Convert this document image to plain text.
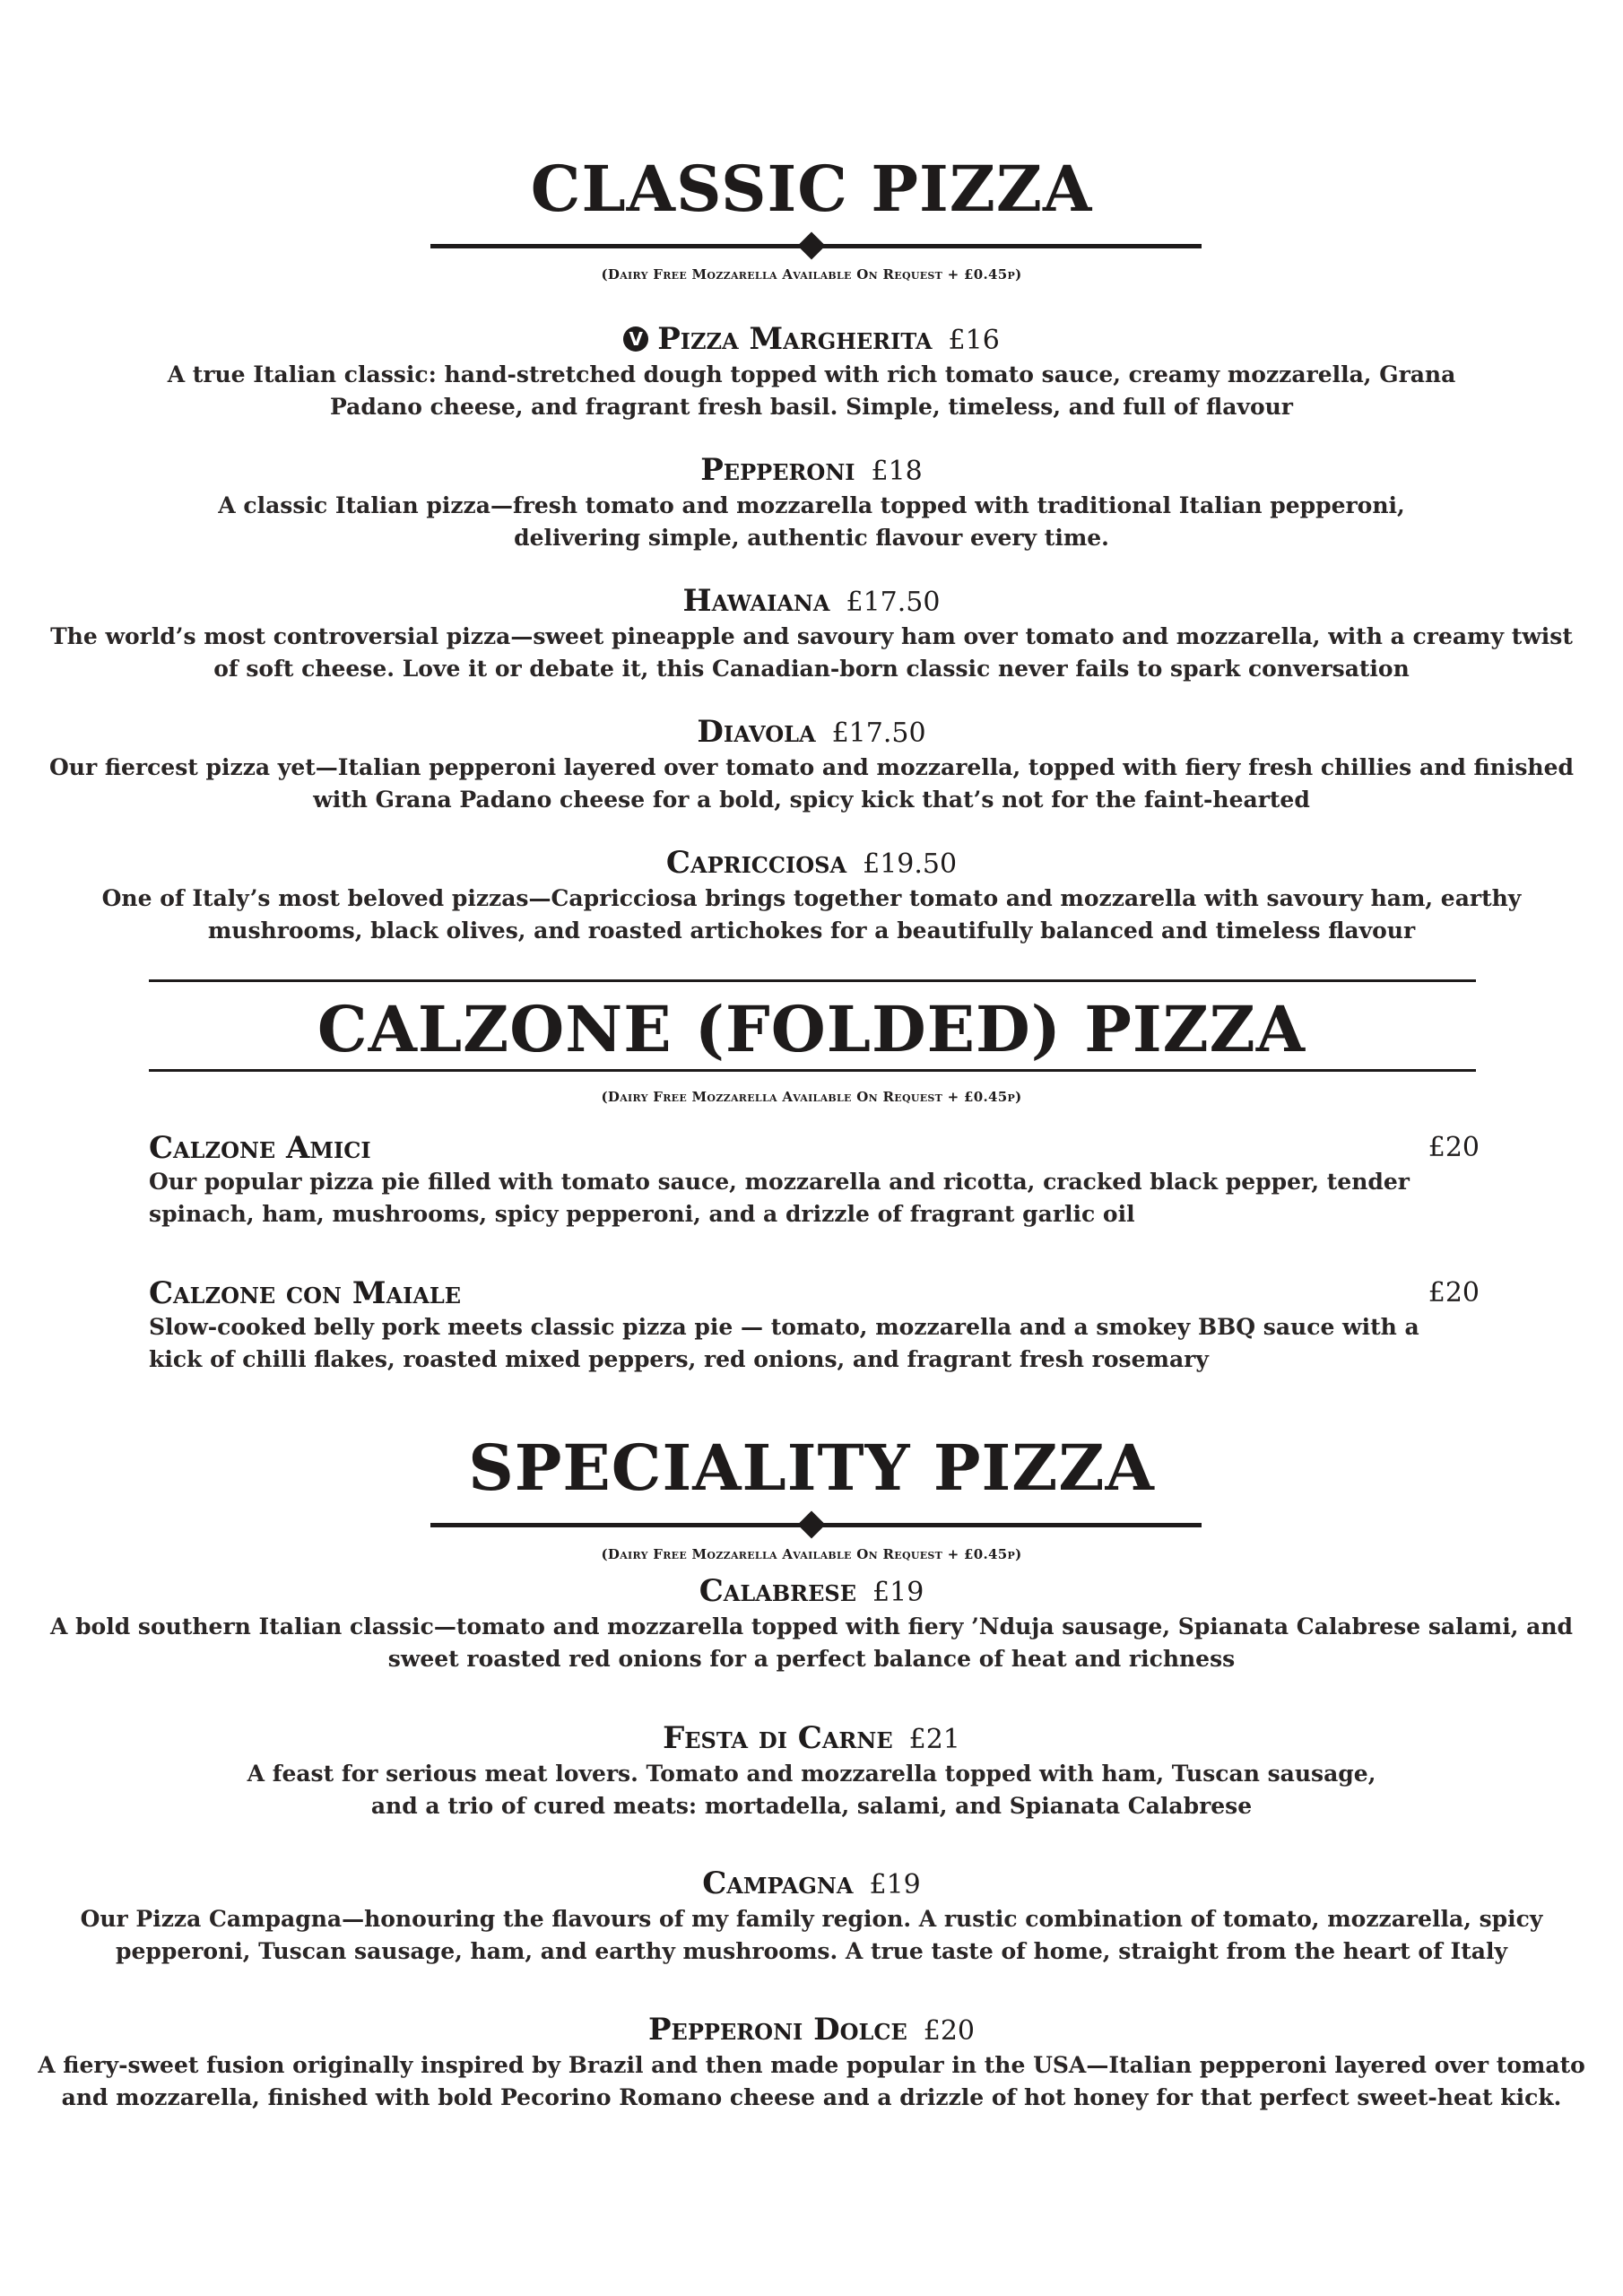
CLASSIC PIZZA
(Dairy Free Mozzarella Available On Request + £0.45p)
V Pizza Margherita £16
A true Italian classic: hand-stretched dough topped with rich tomato sauce, creamy mozzarella, Grana Padano cheese, and fragrant fresh basil. Simple, timeless, and full of flavour
Pepperoni £18
A classic Italian pizza—fresh tomato and mozzarella topped with traditional Italian pepperoni, delivering simple, authentic flavour every time.
Hawaiana £17.50
The world’s most controversial pizza—sweet pineapple and savoury ham over tomato and mozzarella, with a creamy twist of soft cheese. Love it or debate it, this Canadian-born classic never fails to spark conversation
Diavola £17.50
Our fiercest pizza yet—Italian pepperoni layered over tomato and mozzarella, topped with fiery fresh chillies and finished with Grana Padano cheese for a bold, spicy kick that’s not for the faint-hearted
Capricciosa £19.50
One of Italy’s most beloved pizzas—Capricciosa brings together tomato and mozzarella with savoury ham, earthy mushrooms, black olives, and roasted artichokes for a beautifully balanced and timeless flavour
CALZONE (FOLDED) PIZZA
(Dairy Free Mozzarella Available On Request + £0.45p)
Calzone Amici	£20
Our popular pizza pie filled with tomato sauce, mozzarella and ricotta, cracked black pepper, tender spinach, ham, mushrooms, spicy pepperoni, and a drizzle of fragrant garlic oil
Calzone con Maiale	£20
Slow-cooked belly pork meets classic pizza pie — tomato, mozzarella and a smokey BBQ sauce with a kick of chilli flakes, roasted mixed peppers, red onions, and fragrant fresh rosemary
SPECIALITY PIZZA
(Dairy Free Mozzarella Available On Request + £0.45p)
Calabrese £19
A bold southern Italian classic—tomato and mozzarella topped with fiery ’Nduja sausage, Spianata Calabrese salami, and sweet roasted red onions for a perfect balance of heat and richness
Festa di Carne £21
A feast for serious meat lovers. Tomato and mozzarella topped with ham, Tuscan sausage, and a trio of cured meats: mortadella, salami, and Spianata Calabrese
Campagna £19
Our Pizza Campagna—honouring the flavours of my family region. A rustic combination of tomato, mozzarella, spicy pepperoni, Tuscan sausage, ham, and earthy mushrooms. A true taste of home, straight from the heart of Italy
Pepperoni Dolce £20
A fiery-sweet fusion originally inspired by Brazil and then made popular in the USA—Italian pepperoni layered over tomato and mozzarella, finished with bold Pecorino Romano cheese and a drizzle of hot honey for that perfect sweet-heat kick.
